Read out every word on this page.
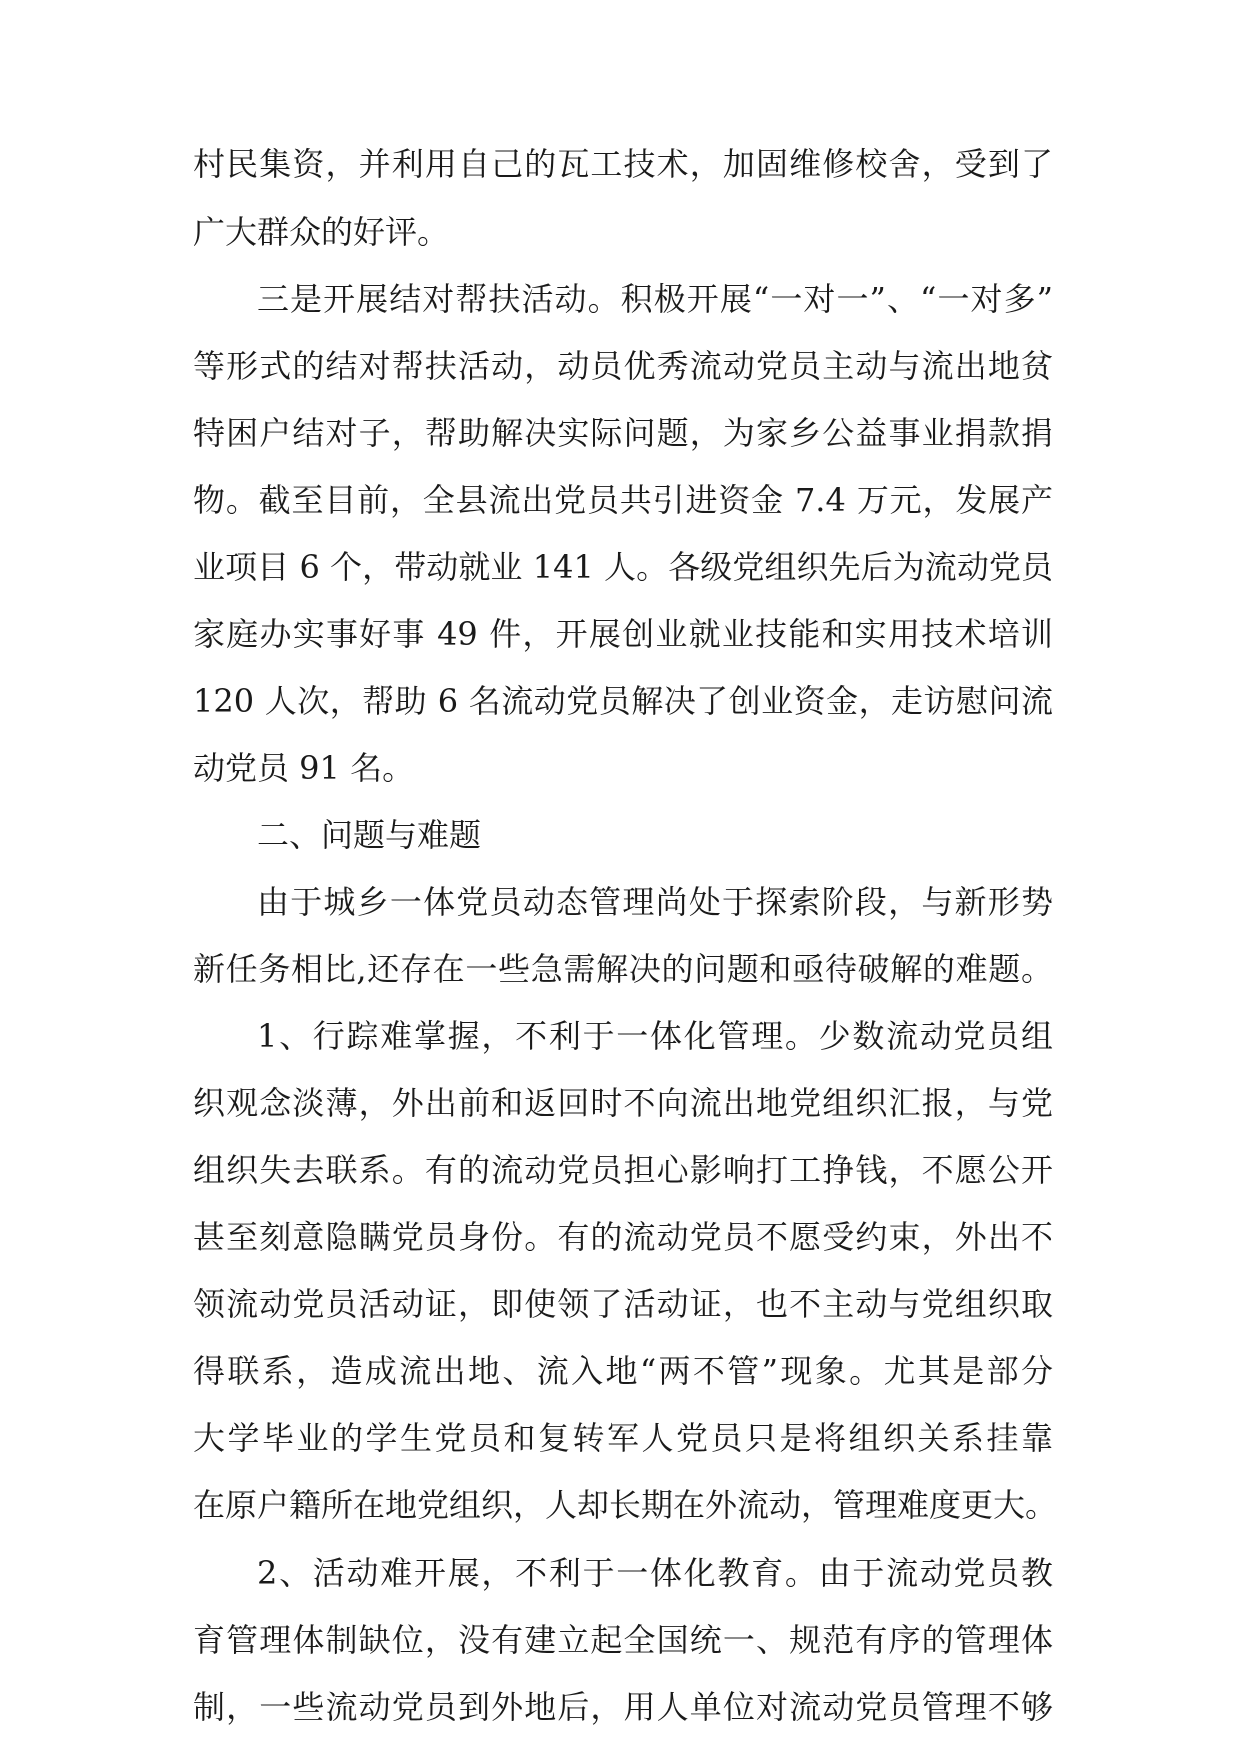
村民集资，并利用自己的瓦工技术，加固维修校舍，受到了
广大群众的好评。
三是开展结对帮扶活动。积极开展“一对一”、“一对多”
等形式的结对帮扶活动，动员优秀流动党员主动与流出地贫
特困户结对子，帮助解决实际问题，为家乡公益事业捐款捐
物。截至目前，全县流出党员共引进资金 7.4 万元，发展产
业项目 6 个，带动就业 141 人。各级党组织先后为流动党员
家庭办实事好事 49 件，开展创业就业技能和实用技术培训
120 人次，帮助 6 名流动党员解决了创业资金，走访慰问流
动党员 91 名。
二、问题与难题
由于城乡一体党员动态管理尚处于探索阶段，与新形势
新任务相比,还存在一些急需解决的问题和亟待破解的难题。
1、行踪难掌握，不利于一体化管理。少数流动党员组
织观念淡薄，外出前和返回时不向流出地党组织汇报，与党
组织失去联系。有的流动党员担心影响打工挣钱，不愿公开
甚至刻意隐瞒党员身份。有的流动党员不愿受约束，外出不
领流动党员活动证，即使领了活动证，也不主动与党组织取
得联系，造成流出地、流入地“两不管”现象。尤其是部分
大学毕业的学生党员和复转军人党员只是将组织关系挂靠
在原户籍所在地党组织，人却长期在外流动，管理难度更大。
2、活动难开展，不利于一体化教育。由于流动党员教
育管理体制缺位，没有建立起全国统一、规范有序的管理体
制，一些流动党员到外地后，用人单位对流动党员管理不够
